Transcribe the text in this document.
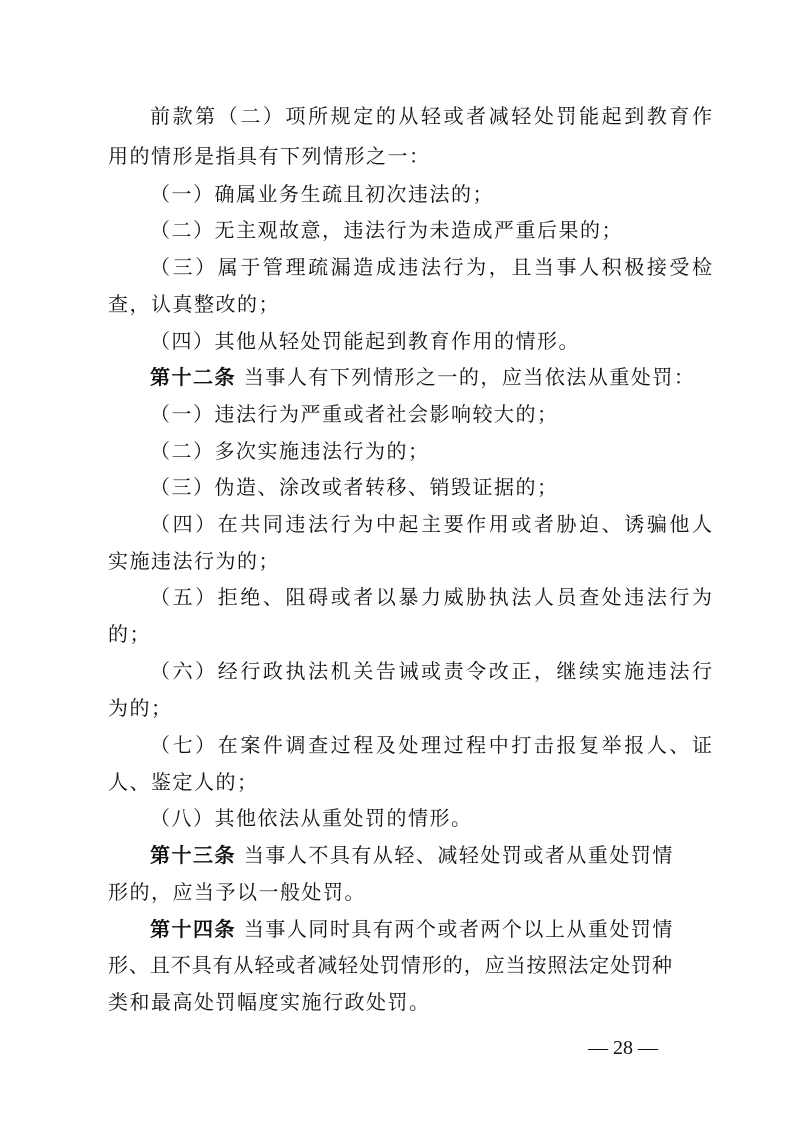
前款第（二）项所规定的从轻或者减轻处罚能起到教育作
用的情形是指具有下列情形之一：
（一）确属业务生疏且初次违法的；
（二）无主观故意，违法行为未造成严重后果的；
（三）属于管理疏漏造成违法行为，且当事人积极接受检
查，认真整改的；
（四）其他从轻处罚能起到教育作用的情形。
第十二条 当事人有下列情形之一的，应当依法从重处罚：
（一）违法行为严重或者社会影响较大的；
（二）多次实施违法行为的；
（三）伪造、涂改或者转移、销毁证据的；
（四）在共同违法行为中起主要作用或者胁迫、诱骗他人
实施违法行为的；
（五）拒绝、阻碍或者以暴力威胁执法人员查处违法行为
的；
（六）经行政执法机关告诫或责令改正，继续实施违法行
为的；
（七）在案件调查过程及处理过程中打击报复举报人、证
人、鉴定人的；
（八）其他依法从重处罚的情形。
第十三条 当事人不具有从轻、减轻处罚或者从重处罚情
形的，应当予以一般处罚。
第十四条 当事人同时具有两个或者两个以上从重处罚情
形、且不具有从轻或者减轻处罚情形的，应当按照法定处罚种
类和最高处罚幅度实施行政处罚。
— 28 —
